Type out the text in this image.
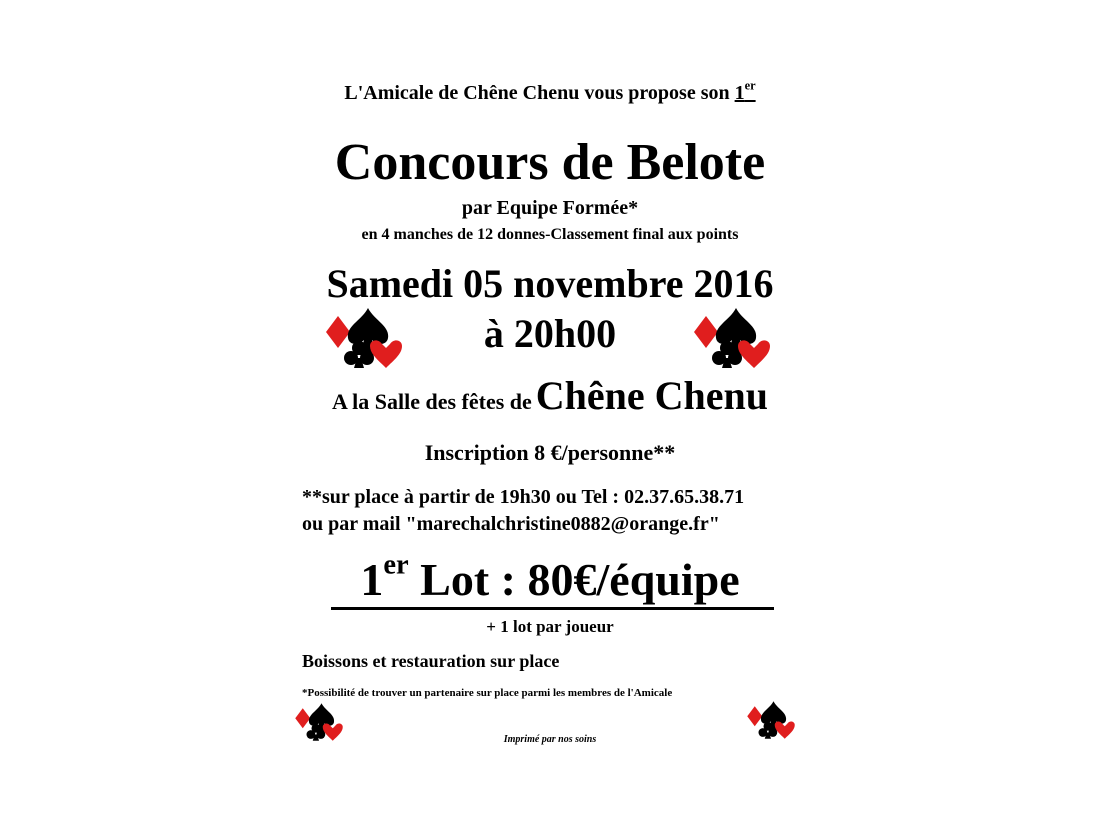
L'Amicale de Chêne Chenu vous propose son 1er
Concours de Belote
par Equipe Formée*
en 4 manches de 12 donnes-Classement final aux points
Samedi 05 novembre 2016
à 20h00
A la Salle des fêtes de Chêne Chenu
Inscription 8 €/personne**
**sur place à partir de 19h30 ou Tel : 02.37.65.38.71
ou par mail "marechalchristine0882@orange.fr"
1er Lot : 80€/équipe
+ 1 lot par joueur
Boissons et restauration sur place
*Possibilité de trouver un partenaire sur place parmi les membres de l'Amicale
Imprimé par nos soins
